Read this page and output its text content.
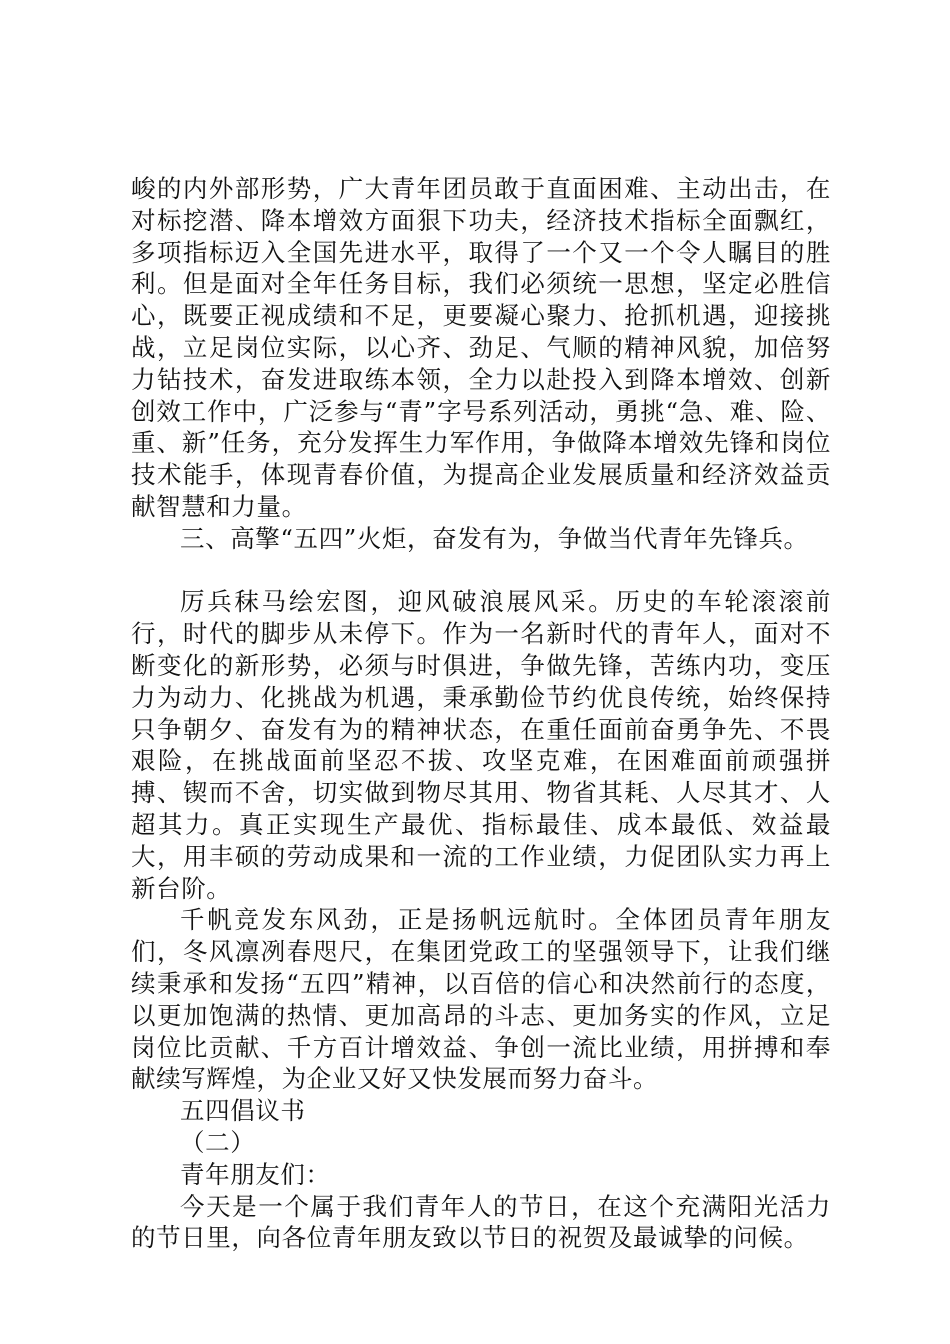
峻的内外部形势，广大青年团员敢于直面困难、主动出击，在对标挖潜、降本增效方面狠下功夫，经济技术指标全面飘红，多项指标迈入全国先进水平，取得了一个又一个令人瞩目的胜利。但是面对全年任务目标，我们必须统一思想，坚定必胜信心，既要正视成绩和不足，更要凝心聚力、抢抓机遇，迎接挑战，立足岗位实际，以心齐、劲足、气顺的精神风貌，加倍努力钻技术，奋发进取练本领，全力以赴投入到降本增效、创新创效工作中，广泛参与“青”字号系列活动，勇挑“急、难、险、重、新”任务，充分发挥生力军作用，争做降本增效先锋和岗位技术能手，体现青春价值，为提高企业发展质量和经济效益贡献智慧和力量。

三、高擎“五四”火炬，奋发有为，争做当代青年先锋兵。

厉兵秣马绘宏图，迎风破浪展风采。历史的车轮滚滚前行，时代的脚步从未停下。作为一名新时代的青年人，面对不断变化的新形势，必须与时俱进，争做先锋，苦练内功，变压力为动力、化挑战为机遇，秉承勤俭节约优良传统，始终保持只争朝夕、奋发有为的精神状态，在重任面前奋勇争先、不畏艰险，在挑战面前坚忍不拔、攻坚克难，在困难面前顽强拼搏、锲而不舍，切实做到物尽其用、物省其耗、人尽其才、人超其力。真正实现生产最优、指标最佳、成本最低、效益最大，用丰硕的劳动成果和一流的工作业绩，力促团队实力再上新台阶。

千帆竞发东风劲，正是扬帆远航时。全体团员青年朋友们，冬风凛冽春咫尺，在集团党政工的坚强领导下，让我们继续秉承和发扬“五四”精神，以百倍的信心和决然前行的态度，以更加饱满的热情、更加高昂的斗志、更加务实的作风，立足岗位比贡献、千方百计增效益、争创一流比业绩，用拼搏和奉献续写辉煌，为企业又好又快发展而努力奋斗。

五四倡议书

（二）

青年朋友们：

今天是一个属于我们青年人的节日，在这个充满阳光活力的节日里，向各位青年朋友致以节日的祝贺及最诚挚的问候。
